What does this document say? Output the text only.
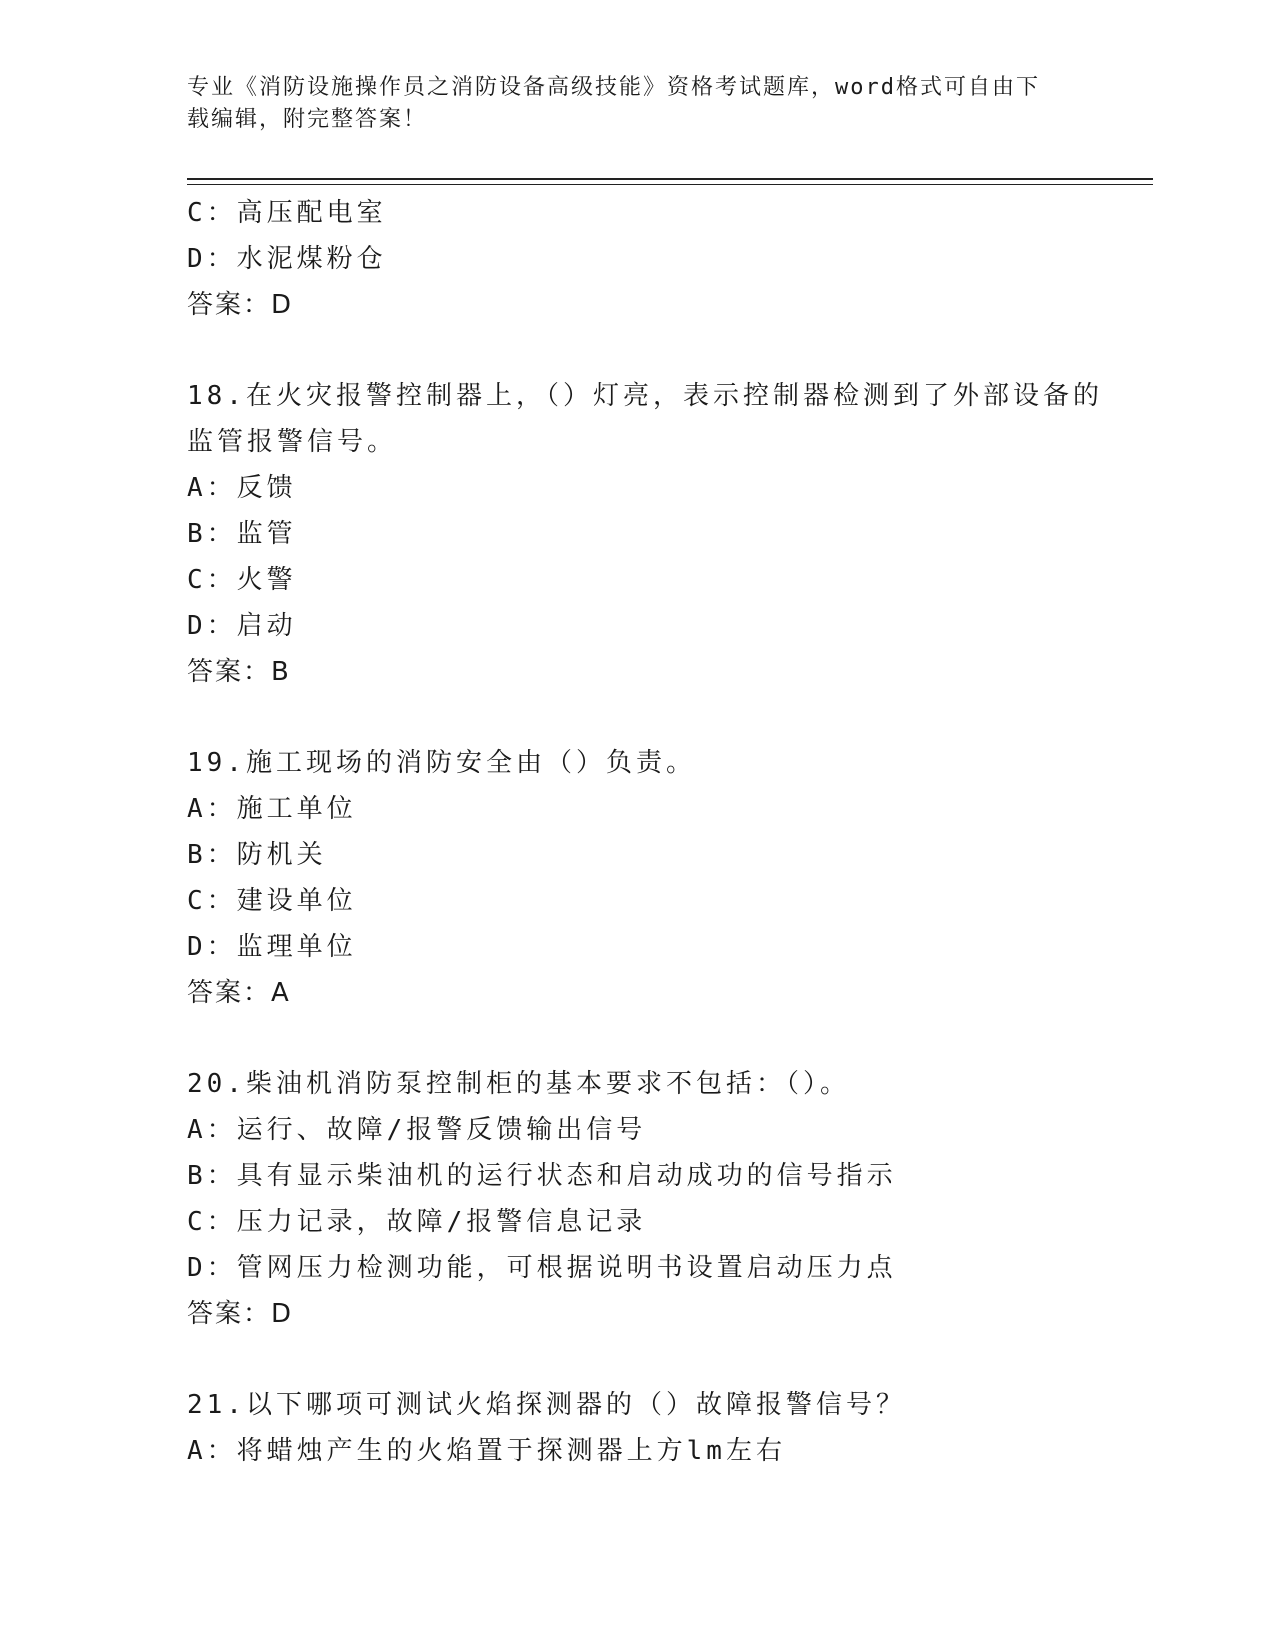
专业《消防设施操作员之消防设备高级技能》资格考试题库，word格式可自由下
载编辑，附完整答案！
C：高压配电室
D：水泥煤粉仓
答案：D
18.在火灾报警控制器上，（）灯亮，表示控制器检测到了外部设备的
监管报警信号。
A：反馈
B：监管
C：火警
D：启动
答案：B
19.施工现场的消防安全由（）负责。
A：施工单位
B：防机关
C：建设单位
D：监理单位
答案：A
20.柴油机消防泵控制柜的基本要求不包括：（）。
A：运行、故障/报警反馈输出信号
B：具有显示柴油机的运行状态和启动成功的信号指示
C：压力记录，故障/报警信息记录
D：管网压力检测功能，可根据说明书设置启动压力点
答案：D
21.以下哪项可测试火焰探测器的（）故障报警信号？
A：将蜡烛产生的火焰置于探测器上方lm左右
